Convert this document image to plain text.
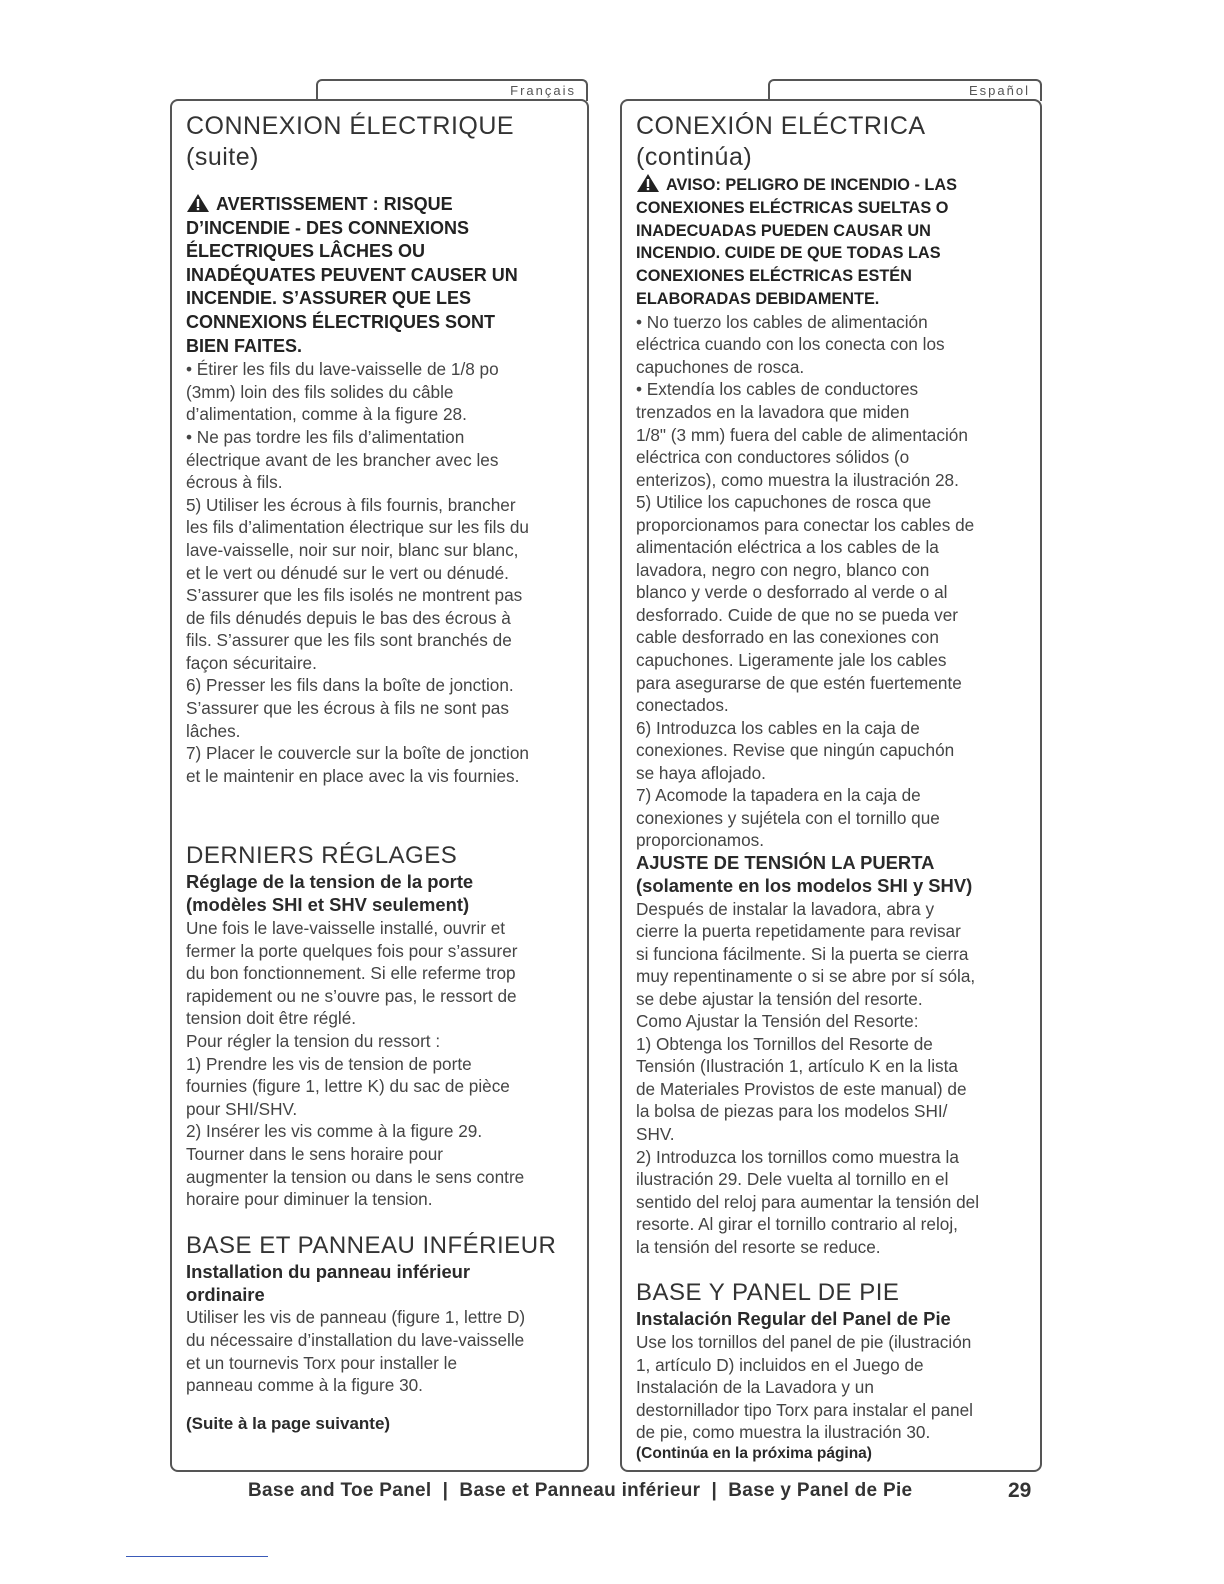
Français
CONNEXION ÉLECTRIQUE
(suite)
AVERTISSEMENT : RISQUE
D’INCENDIE - DES CONNEXIONS
ÉLECTRIQUES LÂCHES OU
INADÉQUATES PEUVENT CAUSER UN
INCENDIE. S’ASSURER QUE LES
CONNEXIONS ÉLECTRIQUES SONT
BIEN FAITES.
• Étirer les fils du lave-vaisselle de 1/8 po
(3mm) loin des fils solides du câble
d’alimentation, comme à la figure 28.
• Ne pas tordre les fils d’alimentation
électrique avant de les brancher avec les
écrous à fils.
5) Utiliser les écrous à fils fournis, brancher
les fils d’alimentation électrique sur les fils du
lave-vaisselle, noir sur noir, blanc sur blanc,
et le vert ou dénudé sur le vert ou dénudé.
S’assurer que les fils isolés ne montrent pas
de fils dénudés depuis le bas des écrous à
fils. S’assurer que les fils sont branchés de
façon sécuritaire.
6) Presser les fils dans la boîte de jonction.
S’assurer que les écrous à fils ne sont pas
lâches.
7) Placer le couvercle sur la boîte de jonction
et le maintenir en place avec la vis fournies.
DERNIERS RÉGLAGES
Réglage de la tension de la porte
(modèles SHI et SHV seulement)
Une fois le lave-vaisselle installé, ouvrir et
fermer la porte quelques fois pour s’assurer
du bon fonctionnement. Si elle referme trop
rapidement ou ne s’ouvre pas, le ressort de
tension doit être réglé.
Pour régler la tension du ressort :
1) Prendre les vis de tension de porte
fournies (figure 1, lettre K) du sac de pièce
pour SHI/SHV.
2) Insérer les vis comme à la figure 29.
Tourner dans le sens horaire pour
augmenter la tension ou dans le sens contre
horaire pour diminuer la tension.
BASE ET PANNEAU INFÉRIEUR
Installation du panneau inférieur
ordinaire
Utiliser les vis de panneau (figure 1, lettre D)
du nécessaire d’installation du lave-vaisselle
et un tournevis Torx pour installer le
panneau comme à la figure 30.
(Suite à la page suivante)
Español
CONEXIÓN ELÉCTRICA
(continúa)
AVISO: PELIGRO DE INCENDIO - LAS
CONEXIONES ELÉCTRICAS SUELTAS O
INADECUADAS PUEDEN CAUSAR UN
INCENDIO. CUIDE DE QUE TODAS LAS
CONEXIONES ELÉCTRICAS ESTÉN
ELABORADAS DEBIDAMENTE.
• No tuerzo los cables de alimentación
eléctrica cuando con los conecta con los
capuchones de rosca.
• Extendía los cables de conductores
trenzados en la lavadora que miden
1/8" (3 mm) fuera del cable de alimentación
eléctrica con conductores sólidos (o
enterizos), como muestra la ilustración 28.
5) Utilice los capuchones de rosca que
proporcionamos para conectar los cables de
alimentación eléctrica a los cables de la
lavadora, negro con negro, blanco con
blanco y verde o desforrado al verde o al
desforrado. Cuide de que no se pueda ver
cable desforrado en las conexiones con
capuchones. Ligeramente jale los cables
para asegurarse de que estén fuertemente
conectados.
6) Introduzca los cables en la caja de
conexiones. Revise que ningún capuchón
se haya aflojado.
7) Acomode la tapadera en la caja de
conexiones y sujétela con el tornillo que
proporcionamos.
AJUSTE DE TENSIÓN LA PUERTA
(solamente en los modelos SHI y SHV)
Después de instalar la lavadora, abra y
cierre la puerta repetidamente para revisar
si funciona fácilmente. Si la puerta se cierra
muy repentinamente o si se abre por sí sóla,
se debe ajustar la tensión del resorte.
Como Ajustar la Tensión del Resorte:
1) Obtenga los Tornillos del Resorte de
Tensión (Ilustración 1, artículo K en la lista
de Materiales Provistos de este manual) de
la bolsa de piezas para los modelos SHI/
SHV.
2) Introduzca los tornillos como muestra la
ilustración 29. Dele vuelta al tornillo en el
sentido del reloj para aumentar la tensión del
resorte. Al girar el tornillo contrario al reloj,
la tensión del resorte se reduce.
BASE Y PANEL DE PIE
Instalación Regular del Panel de Pie
Use los tornillos del panel de pie (ilustración
1, artículo D) incluidos en el Juego de
Instalación de la Lavadora y un
destornillador tipo Torx para instalar el panel
de pie, como muestra la ilustración 30.
(Continúa en la próxima página)
Base and Toe Panel  |  Base et Panneau inférieur  |  Base y Panel de Pie	29
